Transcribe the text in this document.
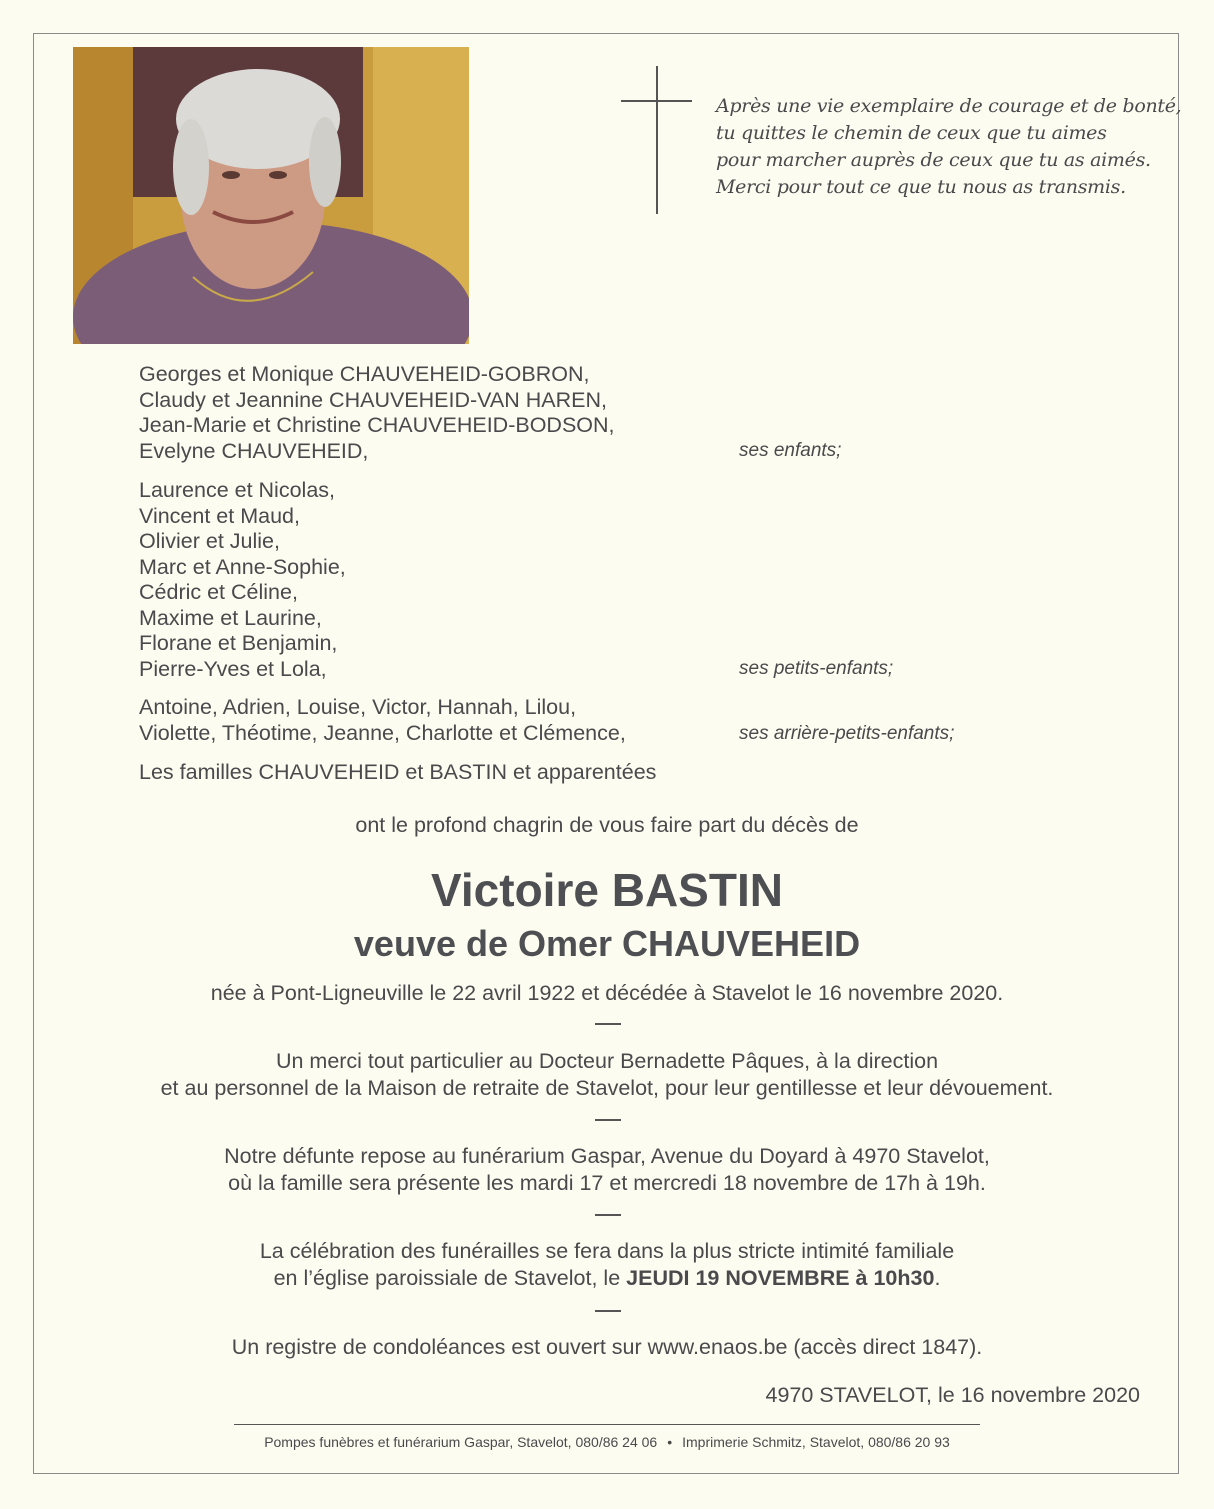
Après une vie exemplaire de courage et de bonté,
tu quittes le chemin de ceux que tu aimes
pour marcher auprès de ceux que tu as aimés.
Merci pour tout ce que tu nous as transmis.
Georges et Monique CHAUVEHEID-GOBRON,
Claudy et Jeannine CHAUVEHEID-VAN HAREN,
Jean-Marie et Christine CHAUVEHEID-BODSON,
Evelyne CHAUVEHEID,	ses enfants;
Laurence et Nicolas,
Vincent et Maud,
Olivier et Julie,
Marc et Anne-Sophie,
Cédric et Céline,
Maxime et Laurine,
Florane et Benjamin,
Pierre-Yves et Lola,	ses petits-enfants;
Antoine, Adrien, Louise, Victor, Hannah, Lilou,
Violette, Théotime, Jeanne, Charlotte et Clémence,	ses arrière-petits-enfants;
Les familles CHAUVEHEID et BASTIN et apparentées
ont le profond chagrin de vous faire part du décès de
Victoire BASTIN
veuve de Omer CHAUVEHEID
née à Pont-Ligneuville le 22 avril 1922 et décédée à Stavelot le 16 novembre 2020.
Un merci tout particulier au Docteur Bernadette Pâques, à la direction
et au personnel de la Maison de retraite de Stavelot, pour leur gentillesse et leur dévouement.
Notre défunte repose au funérarium Gaspar, Avenue du Doyard à 4970 Stavelot,
où la famille sera présente les mardi 17 et mercredi 18 novembre de 17h à 19h.
La célébration des funérailles se fera dans la plus stricte intimité familiale
en l’église paroissiale de Stavelot, le JEUDI 19 NOVEMBRE à 10h30.
Un registre de condoléances est ouvert sur www.enaos.be (accès direct 1847).
4970 STAVELOT, le 16 novembre 2020
Pompes funèbres et funérarium Gaspar, Stavelot, 080/86 24 06 • Imprimerie Schmitz, Stavelot, 080/86 20 93
